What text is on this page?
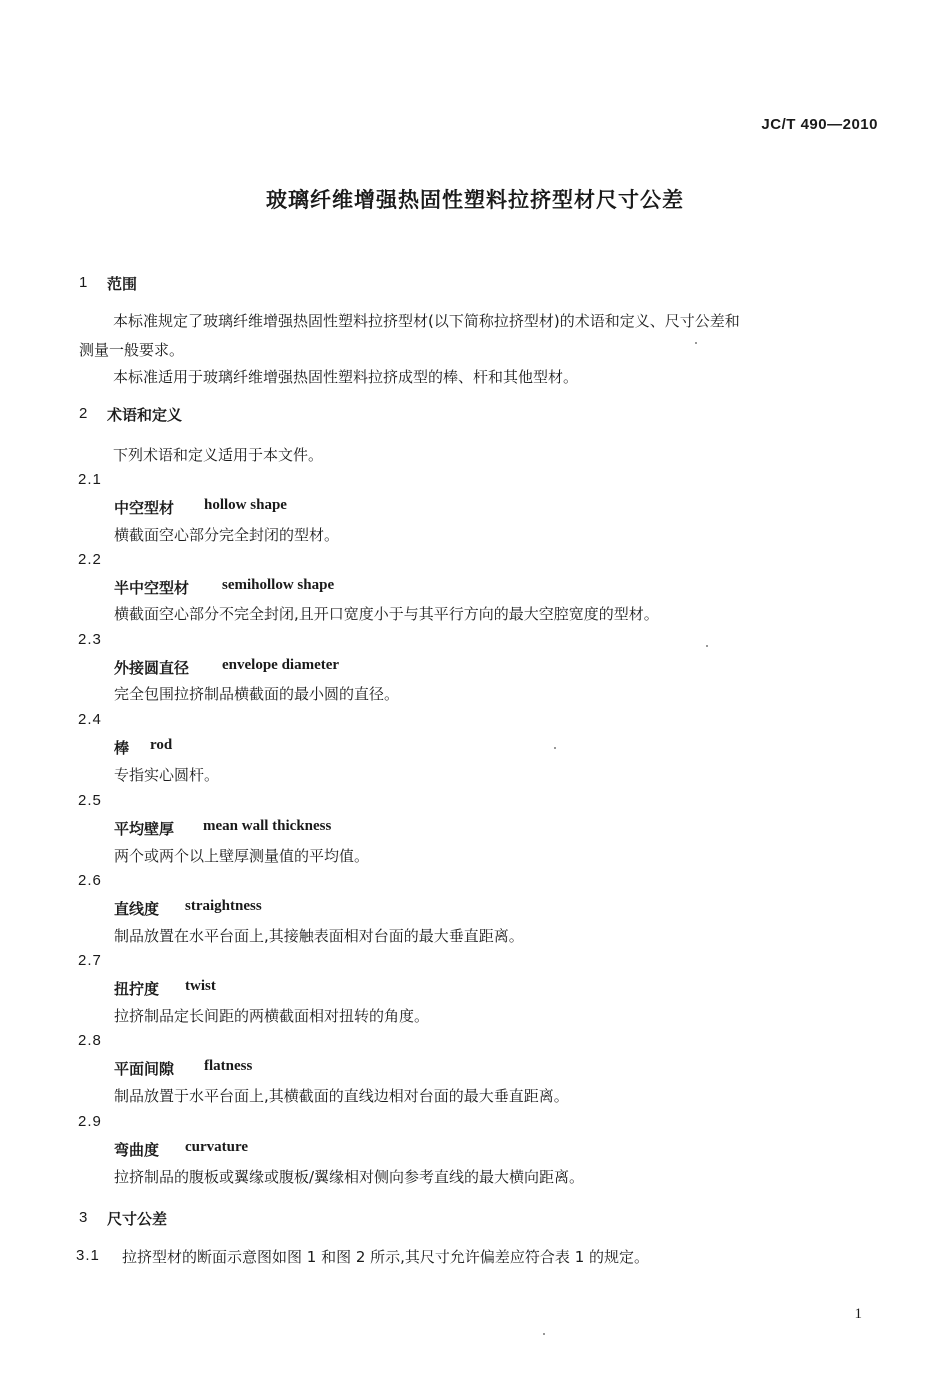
JC/T 490—2010
玻璃纤维增强热固性塑料拉挤型材尺寸公差
1 范围
本标准规定了玻璃纤维增强热固性塑料拉挤型材(以下简称拉挤型材)的术语和定义、尺寸公差和
测量一般要求。
本标准适用于玻璃纤维增强热固性塑料拉挤成型的棒、杆和其他型材。
2 术语和定义
下列术语和定义适用于本文件。
2.1
中空型材 hollow shape
横截面空心部分完全封闭的型材。
2.2
半中空型材 semihollow shape
横截面空心部分不完全封闭,且开口宽度小于与其平行方向的最大空腔宽度的型材。
2.3
外接圆直径 envelope diameter
完全包围拉挤制品横截面的最小圆的直径。
2.4
棒 rod
专指实心圆杆。
2.5
平均壁厚 mean wall thickness
两个或两个以上壁厚测量值的平均值。
2.6
直线度 straightness
制品放置在水平台面上,其接触表面相对台面的最大垂直距离。
2.7
扭拧度 twist
拉挤制品定长间距的两横截面相对扭转的角度。
2.8
平面间隙 flatness
制品放置于水平台面上,其横截面的直线边相对台面的最大垂直距离。
2.9
弯曲度 curvature
拉挤制品的腹板或翼缘或腹板/翼缘相对侧向参考直线的最大横向距离。
3 尺寸公差
3.1 拉挤型材的断面示意图如图 1 和图 2 所示,其尺寸允许偏差应符合表 1 的规定。
1
